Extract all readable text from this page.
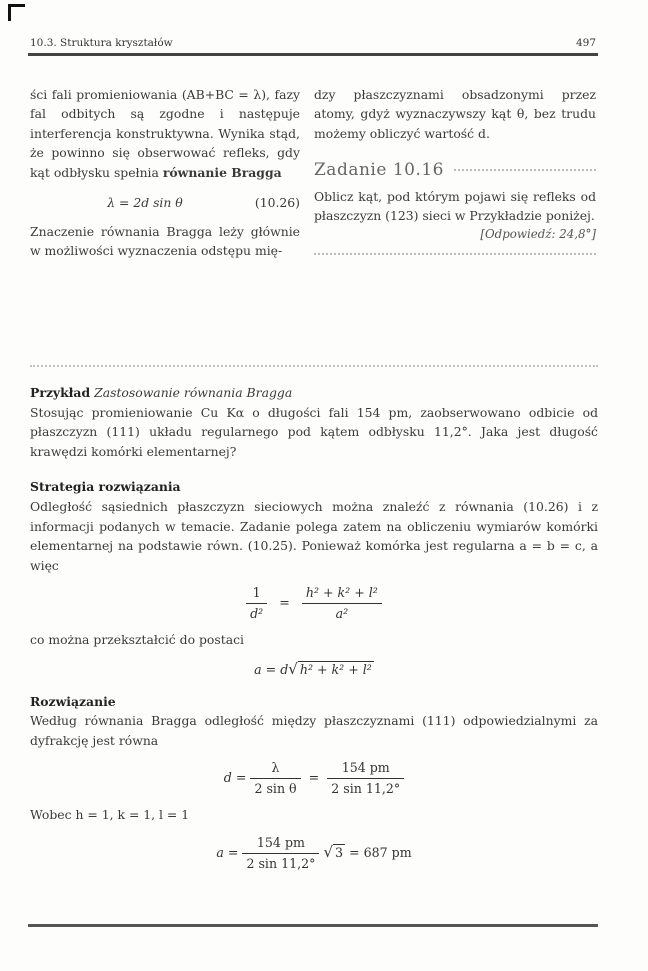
10.3. Struktura kryształów	497

ści fali promieniowania (AB+BC = λ), fazy fal odbitych są zgodne i następuje interferencja konstruktywna. Wynika stąd, że powinno się obserwować refleks, gdy kąt odbłysku spełnia równanie Bragga

λ = 2d sin θ	(10.26)

Znaczenie równania Bragga leży głównie w możliwości wyznaczenia odstępu mię-

dzy płaszczyznami obsadzonymi przez atomy, gdyż wyznaczywszy kąt θ, bez trudu możemy obliczyć wartość d.

Zadanie 10.16

Oblicz kąt, pod którym pojawi się refleks od płaszczyzn (123) sieci w Przykładzie poniżej.

[Odpowiedź: 24,8°]

Przykład Zastosowanie równania Bragga

Stosując promieniowanie Cu Kα o długości fali 154 pm, zaobserwowano odbicie od płaszczyzn (111) układu regularnego pod kątem odbłysku 11,2°. Jaka jest długość krawędzi komórki elementarnej?

Strategia rozwiązania

Odległość sąsiednich płaszczyzn sieciowych można znaleźć z równania (10.26) i z informacji podanych w temacie. Zadanie polega zatem na obliczeniu wymiarów komórki elementarnej na podstawie równ. (10.25). Ponieważ komórka jest regularna a = b = c, a więc

$\frac{1}{\text{d²}} = \frac{\text{h² + k² + l²}}{\text{a²}}$

co można przekształcić do postaci

a = d√ h² + k² + l²

Rozwiązanie

Według równania Bragga odległość między płaszczyznami (111) odpowiedzialnymi za dyfrakcję jest równa

$d = \frac{\lambda}{\text{2 sin θ}} = \frac{154 pm}{2 \sin 11,2^\circ}$

Wobec h = 1, k = 1, l = 1

$a = \frac{154 pm}{2 \sin 11,2^\circ}$ √ 3 = 687 pm
